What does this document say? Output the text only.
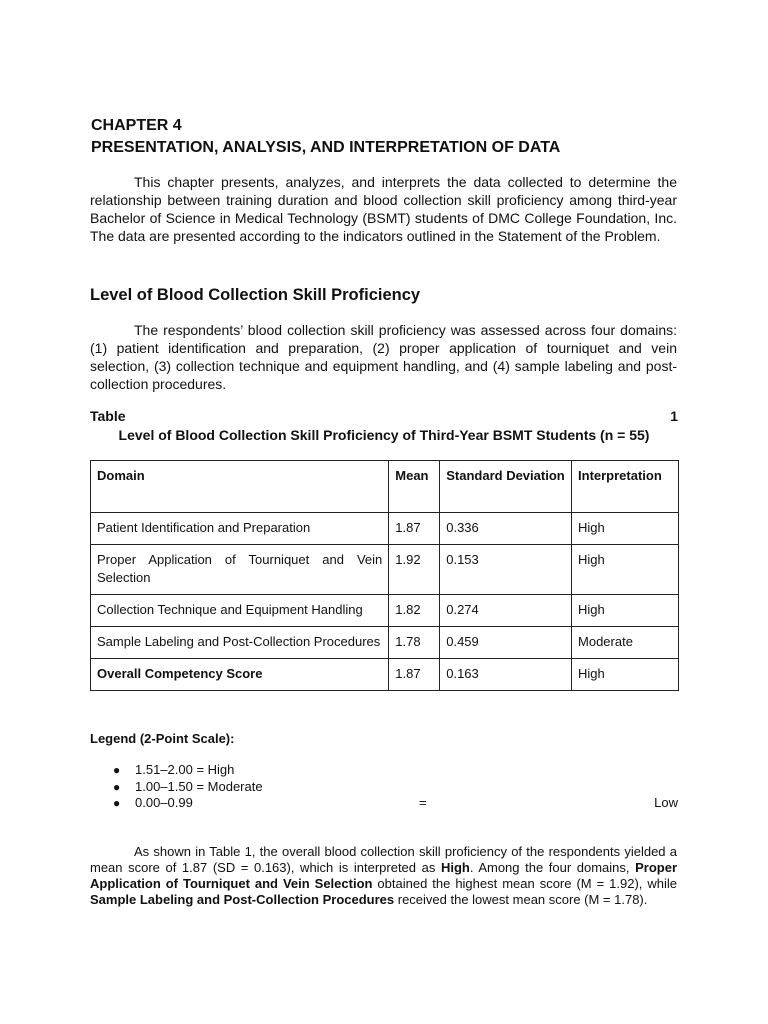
CHAPTER 4
PRESENTATION, ANALYSIS, AND INTERPRETATION OF DATA

This chapter presents, analyzes, and interprets the data collected to determine the relationship between training duration and blood collection skill proficiency among third-year Bachelor of Science in Medical Technology (BSMT) students of DMC College Foundation, Inc. The data are presented according to the indicators outlined in the Statement of the Problem.

Level of Blood Collection Skill Proficiency

The respondents’ blood collection skill proficiency was assessed across four domains: (1) patient identification and preparation, (2) proper application of tourniquet and vein selection, (3) collection technique and equipment handling, and (4) sample labeling and post-collection procedures.

Table	1
Level of Blood Collection Skill Proficiency of Third-Year BSMT Students (n = 55)
Domain	Mean	Standard Deviation	Interpretation
Patient Identification and Preparation	1.87	0.336	High
Proper Application of Tourniquet and Vein Selection	1.92	0.153	High
Collection Technique and Equipment Handling	1.82	0.274	High
Sample Labeling and Post-Collection Procedures	1.78	0.459	Moderate
Overall Competency Score	1.87	0.163	High
Legend (2-Point Scale):
● 1.51–2.00 = High
● 1.00–1.50 = Moderate
● 0.00–0.99	=	Low

As shown in Table 1, the overall blood collection skill proficiency of the respondents yielded a mean score of 1.87 (SD = 0.163), which is interpreted as High. Among the four domains, Proper Application of Tourniquet and Vein Selection obtained the highest mean score (M = 1.92), while Sample Labeling and Post-Collection Procedures received the lowest mean score (M = 1.78).
